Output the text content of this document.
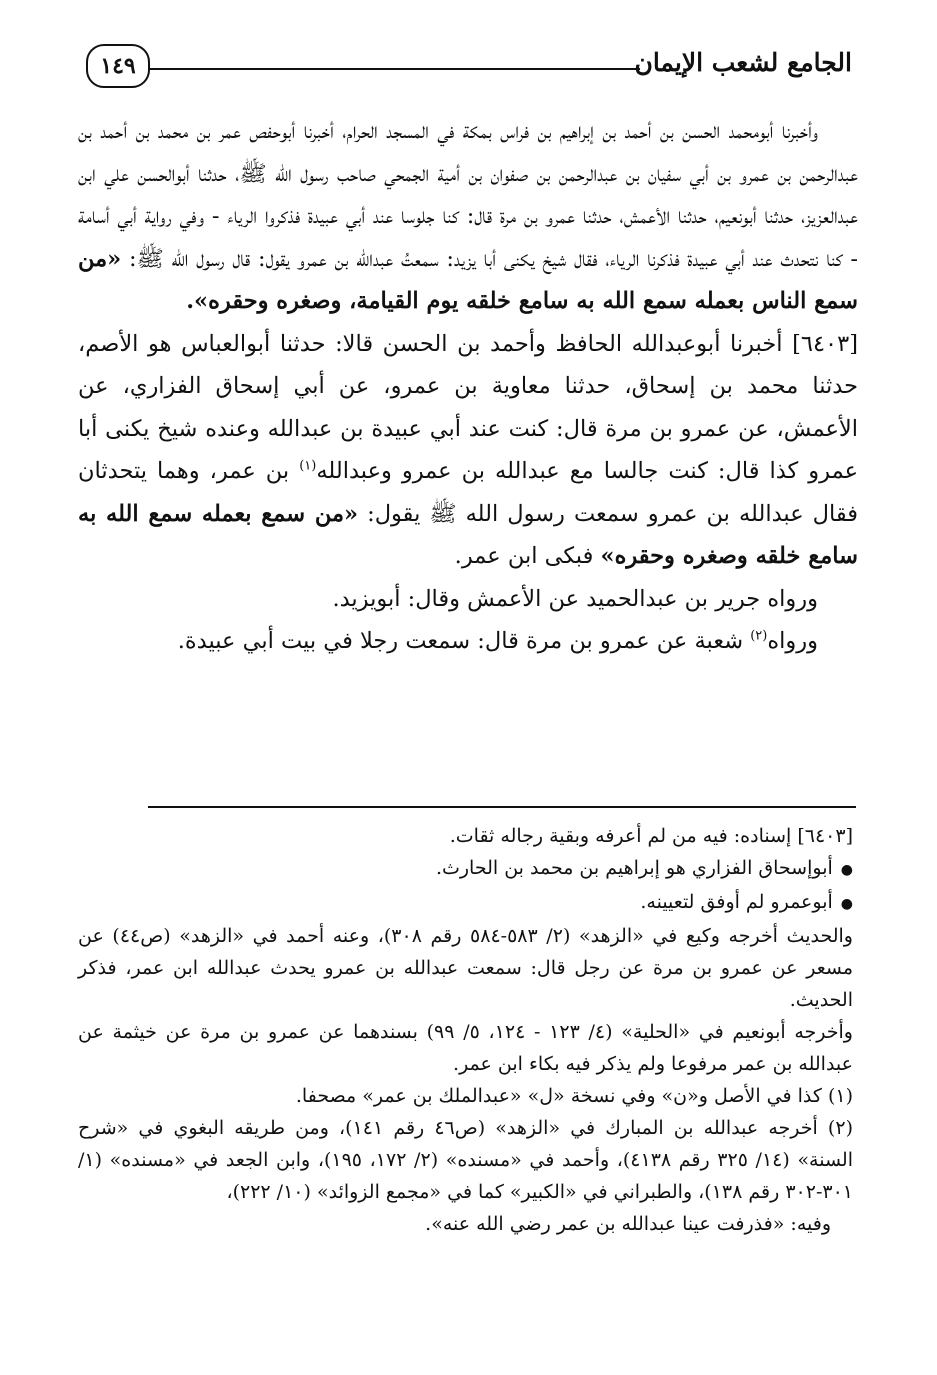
الجامع لشعب الإيمان
١٤٩

وأخبرنا أبومحمد الحسن بن أحمد بن إبراهيم بن فراس بمكة في المسجد الحرام، أخبرنا أبوحفص عمر بن محمد بن أحمد بن عبدالرحمن بن عمرو بن أبي سفيان بن عبدالرحمن بن صفوان بن أمية الجمحي صاحب رسول الله ﷺ، حدثنا أبوالحسن علي ابن عبدالعزيز، حدثنا أبونعيم، حدثنا الأعمش، حدثنا عمرو بن مرة قال: كنا جلوسا عند أبي عبيدة فذكروا الرياء - وفي رواية أبي أسامة - كنا نتحدث عند أبي عبيدة فذكرنا الرياء، فقال شيخ يكنى أبا يزيد: سمعتُ عبدالله بن عمرو يقول: قال رسول الله ﷺ: «من سمع الناس بعمله سمع الله به سامع خلقه يوم القيامة، وصغره وحقره».

[٦٤٠٣] أخبرنا أبوعبدالله الحافظ وأحمد بن الحسن قالا: حدثنا أبوالعباس هو الأصم، حدثنا محمد بن إسحاق، حدثنا معاوية بن عمرو، عن أبي إسحاق الفزاري، عن الأعمش، عن عمرو بن مرة قال: كنت عند أبي عبيدة بن عبدالله وعنده شيخ يكنى أبا عمرو كذا قال: كنت جالسا مع عبدالله بن عمرو وعبدالله$^{(١)}$ بن عمر، وهما يتحدثان فقال عبدالله بن عمرو سمعت رسول الله ﷺ يقول: «من سمع بعمله سمع الله به سامع خلقه وصغره وحقره» فبكى ابن عمر.

ورواه جرير بن عبدالحميد عن الأعمش وقال: أبويزيد.

ورواه$^{(٢)}$ شعبة عن عمرو بن مرة قال: سمعت رجلا في بيت أبي عبيدة.

[٦٤٠٣] إسناده: فيه من لم أعرفه وبقية رجاله ثقات.

● أبوإسحاق الفزاري هو إبراهيم بن محمد بن الحارث.

● أبوعمرو لم أوفق لتعيينه.

والحديث أخرجه وكيع في «الزهد» (٢/ ٥٨٣-٥٨٤ رقم ٣٠٨)، وعنه أحمد في «الزهد» (ص٤٤) عن مسعر عن عمرو بن مرة عن رجل قال: سمعت عبدالله بن عمرو يحدث عبدالله ابن عمر، فذكر الحديث.

وأخرجه أبونعيم في «الحلية» (٤/ ١٢٣ - ١٢٤، ٥/ ٩٩) بسندهما عن عمرو بن مرة عن خيثمة عن عبدالله بن عمر مرفوعا ولم يذكر فيه بكاء ابن عمر.

(١) كذا في الأصل و«ن» وفي نسخة «ل» «عبدالملك بن عمر» مصحفا.

(٢) أخرجه عبدالله بن المبارك في «الزهد» (ص٤٦ رقم ١٤١)، ومن طريقه البغوي في «شرح السنة» (١٤/ ٣٢٥ رقم ٤١٣٨)، وأحمد في «مسنده» (٢/ ١٧٢، ١٩٥)، وابن الجعد في «مسنده» (١/ ٣٠١-٣٠٢ رقم ١٣٨)، والطبراني في «الكبير» كما في «مجمع الزوائد» (١٠/ ٢٢٢)،

وفيه: «فذرفت عينا عبدالله بن عمر رضي الله عنه».
